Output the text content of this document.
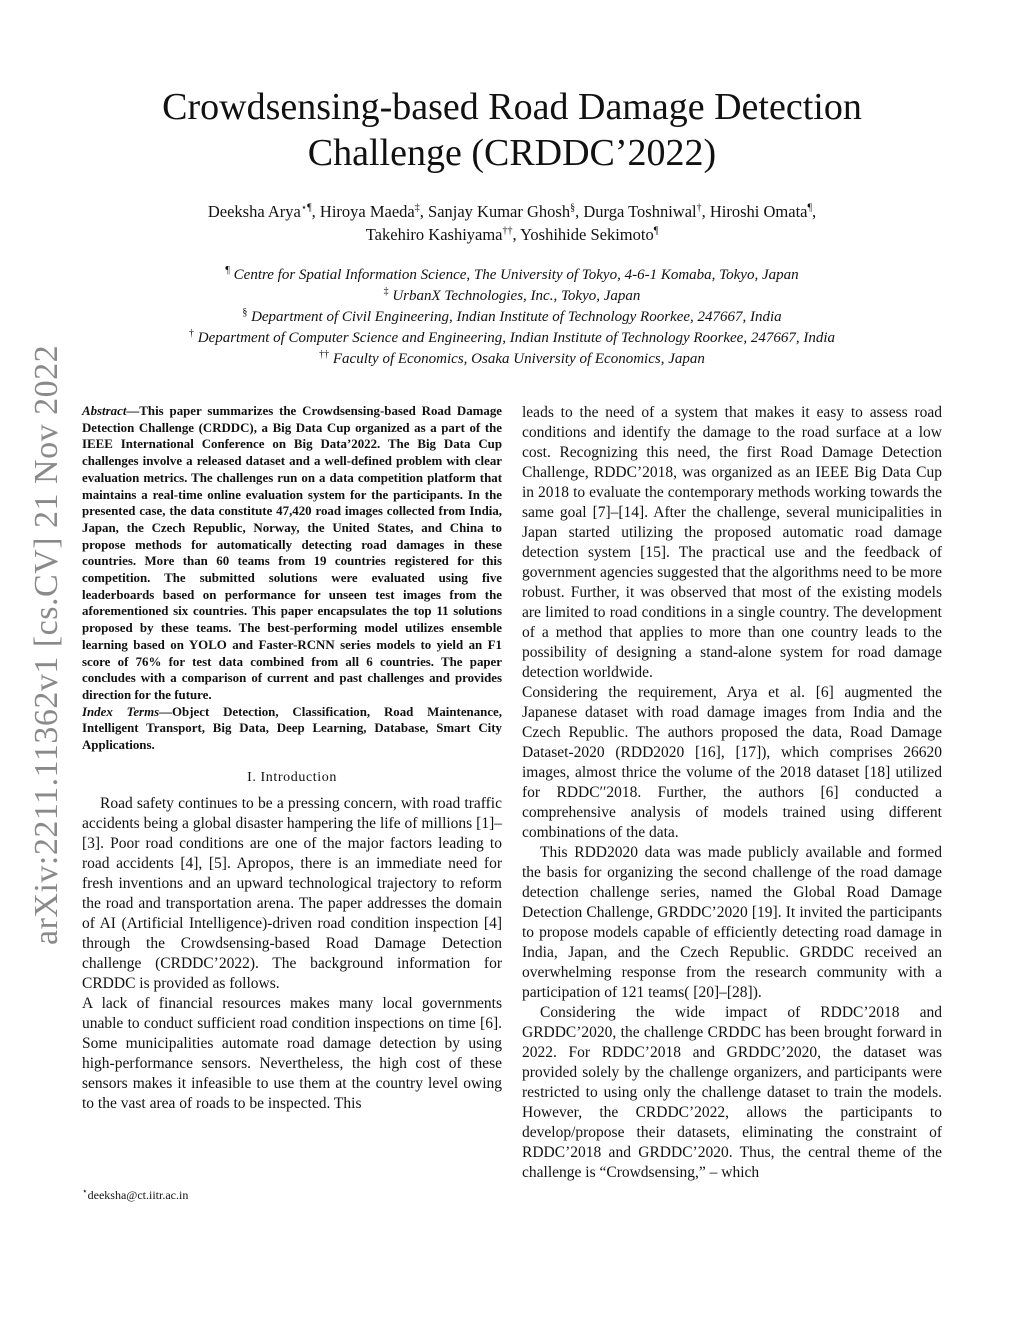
arXiv:2211.11362v1 [cs.CV] 21 Nov 2022
Crowdsensing-based Road Damage Detection
Challenge (CRDDC’2022)
Deeksha Arya⋆¶, Hiroya Maeda‡, Sanjay Kumar Ghosh§, Durga Toshniwal†, Hiroshi Omata¶,
Takehiro Kashiyama††, Yoshihide Sekimoto¶
¶ Centre for Spatial Information Science, The University of Tokyo, 4-6-1 Komaba, Tokyo, Japan
‡ UrbanX Technologies, Inc., Tokyo, Japan
§ Department of Civil Engineering, Indian Institute of Technology Roorkee, 247667, India
† Department of Computer Science and Engineering, Indian Institute of Technology Roorkee, 247667, India
†† Faculty of Economics, Osaka University of Economics, Japan
Abstract—This paper summarizes the Crowdsensing-based Road Damage Detection Challenge (CRDDC), a Big Data Cup organized as a part of the IEEE International Conference on Big Data’2022. The Big Data Cup challenges involve a released dataset and a well-defined problem with clear evaluation metrics. The challenges run on a data competition platform that maintains a real-time online evaluation system for the participants. In the presented case, the data constitute 47,420 road images collected from India, Japan, the Czech Republic, Norway, the United States, and China to propose methods for automatically detecting road damages in these countries. More than 60 teams from 19 countries registered for this competition. The submitted solutions were evaluated using five leaderboards based on performance for unseen test images from the aforementioned six countries. This paper encapsulates the top 11 solutions proposed by these teams. The best-performing model utilizes ensemble learning based on YOLO and Faster-RCNN series models to yield an F1 score of 76% for test data combined from all 6 countries. The paper concludes with a comparison of current and past challenges and provides direction for the future.
Index Terms—Object Detection, Classification, Road Maintenance, Intelligent Transport, Big Data, Deep Learning, Database, Smart City Applications.
I. Introduction

Road safety continues to be a pressing concern, with road traffic accidents being a global disaster hampering the life of millions [1]–[3]. Poor road conditions are one of the major factors leading to road accidents [4], [5]. Apropos, there is an immediate need for fresh inventions and an upward technological trajectory to reform the road and transportation arena. The paper addresses the domain of AI (Artificial Intelligence)-driven road condition inspection [4] through the Crowdsensing-based Road Damage Detection challenge (CRDDC’2022). The background information for CRDDC is provided as follows.

A lack of financial resources makes many local governments unable to conduct sufficient road condition inspections on time [6]. Some municipalities automate road damage detection by using high-performance sensors. Nevertheless, the high cost of these sensors makes it infeasible to use them at the country level owing to the vast area of roads to be inspected. This

leads to the need of a system that makes it easy to assess road conditions and identify the damage to the road surface at a low cost. Recognizing this need, the first Road Damage Detection Challenge, RDDC’2018, was organized as an IEEE Big Data Cup in 2018 to evaluate the contemporary methods working towards the same goal [7]–[14]. After the challenge, several municipalities in Japan started utilizing the proposed automatic road damage detection system [15]. The practical use and the feedback of government agencies suggested that the algorithms need to be more robust. Further, it was observed that most of the existing models are limited to road conditions in a single country. The development of a method that applies to more than one country leads to the possibility of designing a stand-alone system for road damage detection worldwide.

Considering the requirement, Arya et al. [6] augmented the Japanese dataset with road damage images from India and the Czech Republic. The authors proposed the data, Road Damage Dataset-2020 (RDD2020 [16], [17]), which comprises 26620 images, almost thrice the volume of the 2018 dataset [18] utilized for RDDC′′2018. Further, the authors [6] conducted a comprehensive analysis of models trained using different combinations of the data.

This RDD2020 data was made publicly available and formed the basis for organizing the second challenge of the road damage detection challenge series, named the Global Road Damage Detection Challenge, GRDDC’2020 [19]. It invited the participants to propose models capable of efficiently detecting road damage in India, Japan, and the Czech Republic. GRDDC received an overwhelming response from the research community with a participation of 121 teams( [20]–[28]).

Considering the wide impact of RDDC’2018 and GRDDC’2020, the challenge CRDDC has been brought forward in 2022. For RDDC’2018 and GRDDC’2020, the dataset was provided solely by the challenge organizers, and participants were restricted to using only the challenge dataset to train the models. However, the CRDDC’2022, allows the participants to develop/propose their datasets, eliminating the constraint of RDDC’2018 and GRDDC’2020. Thus, the central theme of the challenge is “Crowdsensing,” – which

⋆deeksha@ct.iitr.ac.in
